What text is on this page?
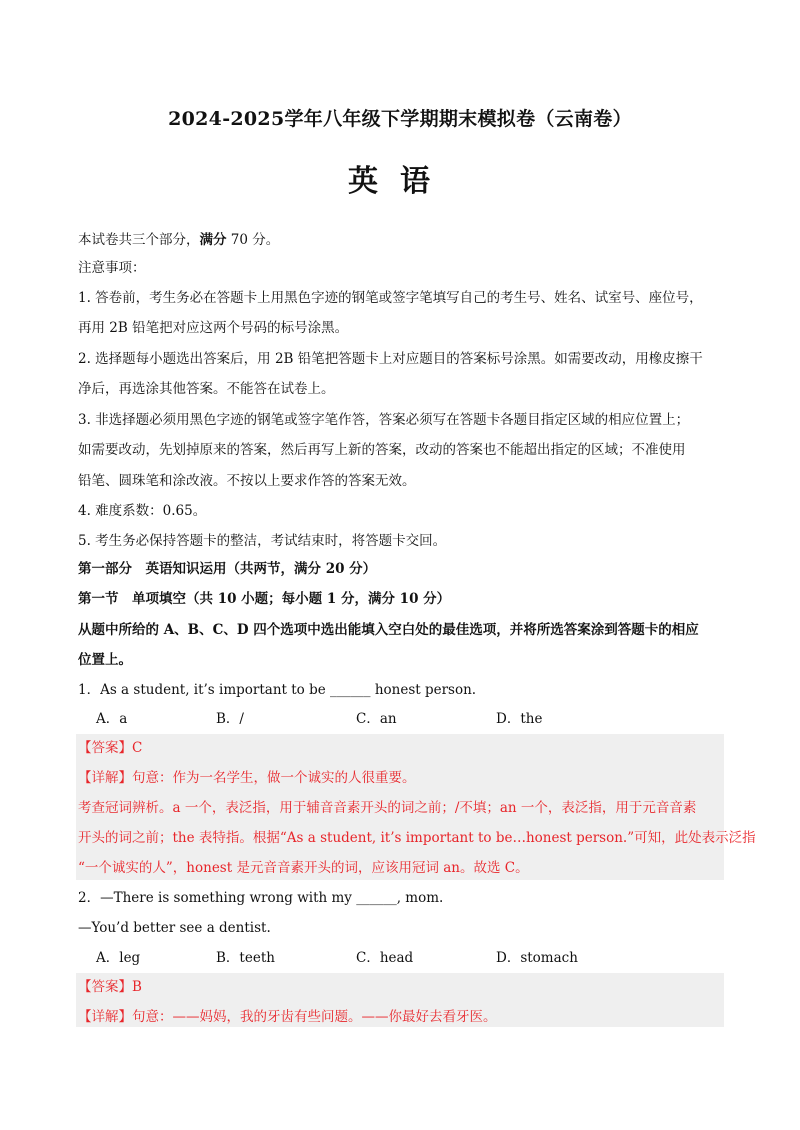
2024-2025学年八年级下学期期末模拟卷（云南卷）
英语
本试卷共三个部分，满分 70 分。
注意事项：
1. 答卷前，考生务必在答题卡上用黑色字迹的钢笔或签字笔填写自己的考生号、姓名、试室号、座位号，
再用 2B 铅笔把对应这两个号码的标号涂黑。
2. 选择题每小题选出答案后，用 2B 铅笔把答题卡上对应题目的答案标号涂黑。如需要改动，用橡皮擦干
净后，再选涂其他答案。不能答在试卷上。
3. 非选择题必须用黑色字迹的钢笔或签字笔作答，答案必须写在答题卡各题目指定区域的相应位置上；
如需要改动，先划掉原来的答案，然后再写上新的答案，改动的答案也不能超出指定的区域；不准使用
铅笔、圆珠笔和涂改液。不按以上要求作答的答案无效。
4. 难度系数：0.65。
5. 考生务必保持答题卡的整洁，考试结束时，将答题卡交回。
第一部分　英语知识运用（共两节，满分 20 分）
第一节　单项填空（共 10 小题；每小题 1 分，满分 10 分）
从题中所给的 A、B、C、D 四个选项中选出能填入空白处的最佳选项，并将所选答案涂到答题卡的相应
位置上。
1．As a student, it’s important to be ______ honest person.
A．a	B．/	C．an	D．the
【答案】C
【详解】句意：作为一名学生，做一个诚实的人很重要。
考查冠词辨析。a 一个，表泛指，用于辅音音素开头的词之前；/不填；an 一个，表泛指，用于元音音素
开头的词之前；the 表特指。根据“As a student, it’s important to be…honest person.”可知，此处表示泛指
“一个诚实的人”，honest 是元音音素开头的词，应该用冠词 an。故选 C。
2．—There is something wrong with my ______, mom.
—You’d better see a dentist.
A．leg	B．teeth	C．head	D．stomach
【答案】B
【详解】句意：——妈妈，我的牙齿有些问题。——你最好去看牙医。
